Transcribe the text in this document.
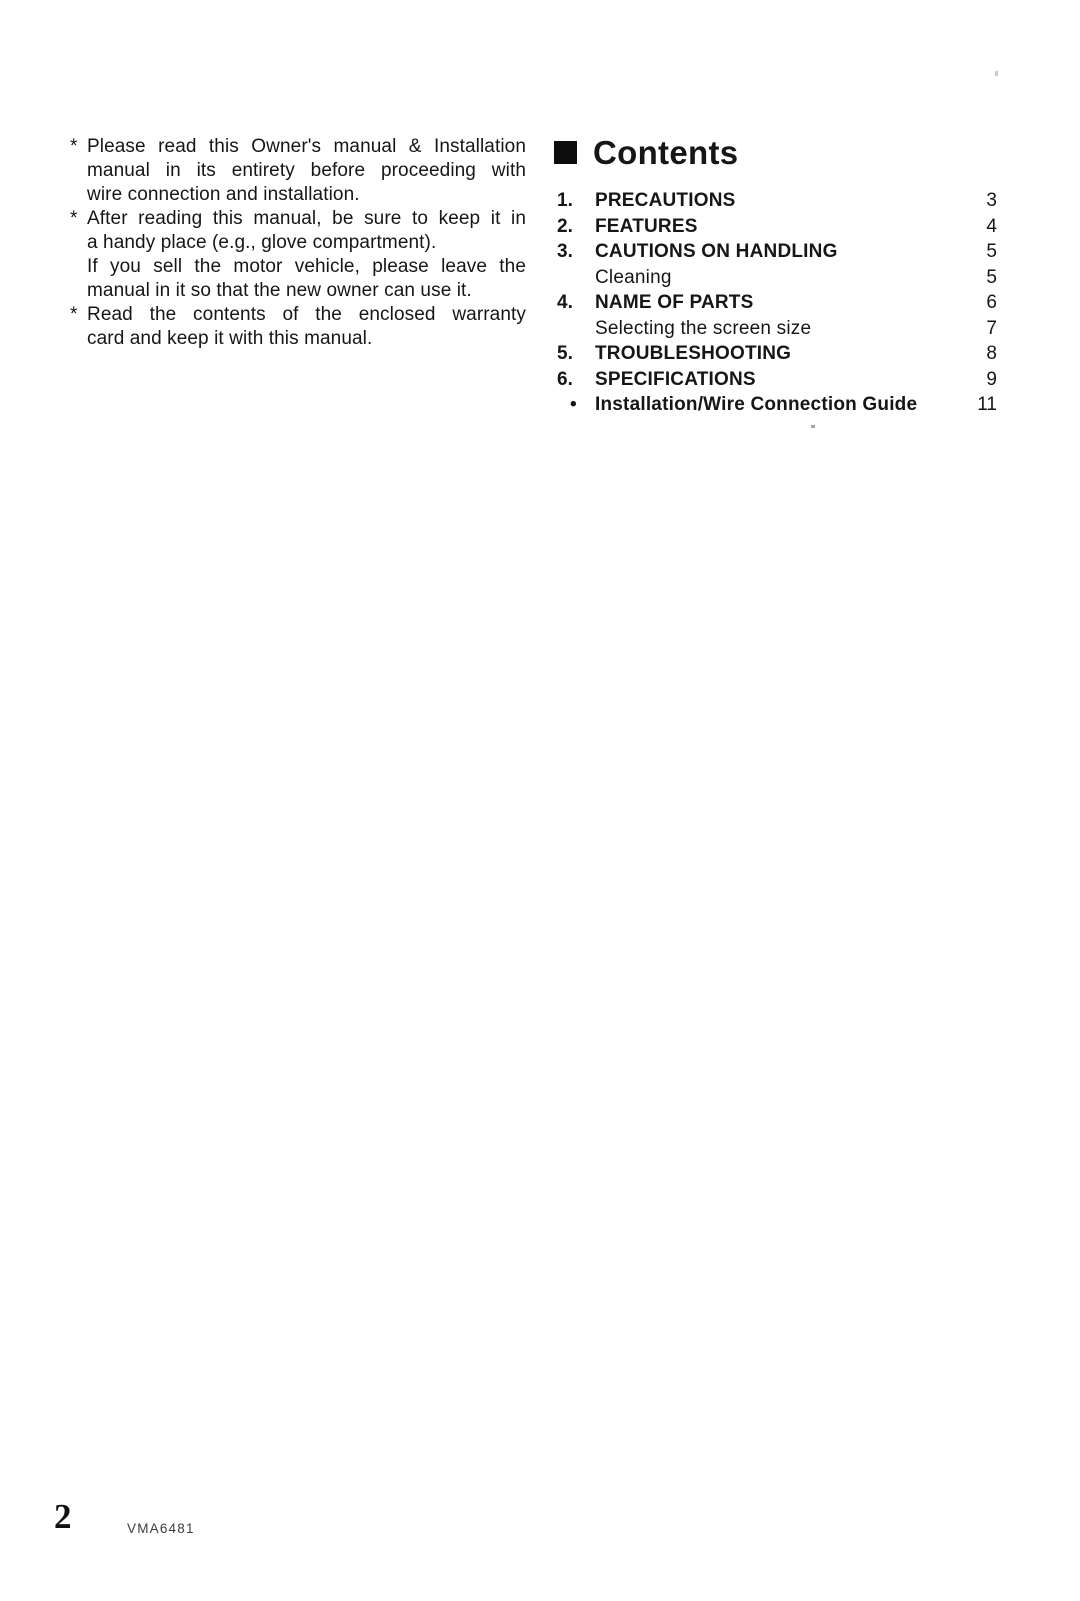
* Please read this Owner's manual & Installation
manual in its entirety before proceeding with
wire connection and installation.
* After reading this manual, be sure to keep it in
a handy place (e.g., glove compartment).
If you sell the motor vehicle, please leave the
manual in it so that the new owner can use it.
* Read the contents of the enclosed warranty
card and keep it with this manual.
Contents
1.	PRECAUTIONS	3
2.	FEATURES	4
3.	CAUTIONS ON HANDLING	5
Cleaning	5
4.	NAME OF PARTS	6
Selecting the screen size	7
5.	TROUBLESHOOTING	8
6.	SPECIFICATIONS	9
• Installation/Wire Connection Guide	11
2	VMA6481
